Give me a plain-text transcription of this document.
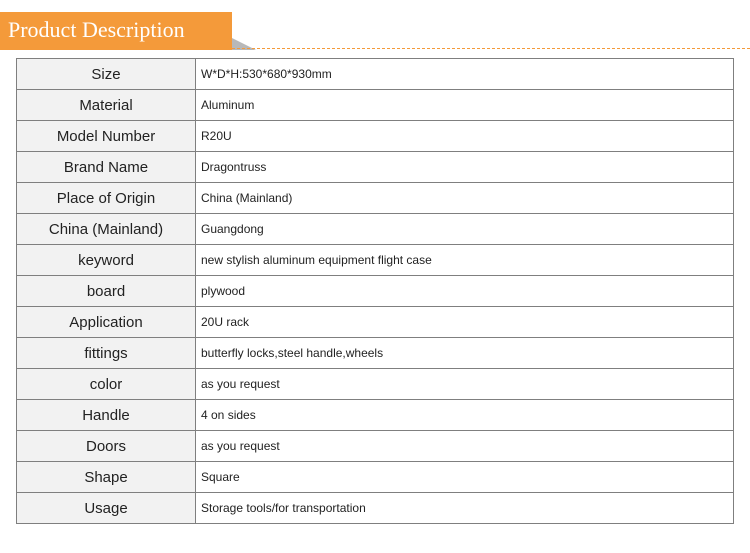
Product Description
Size	W*D*H:530*680*930mm
Material	Aluminum
Model Number	R20U
Brand Name	Dragontruss
Place of Origin	China (Mainland)
China (Mainland)	Guangdong
keyword	new stylish aluminum equipment flight case
board	plywood
Application	20U rack
fittings	butterfly locks,steel handle,wheels
color	as you request
Handle	4 on sides
Doors	as you request
Shape	Square
Usage	Storage tools/for transportation
